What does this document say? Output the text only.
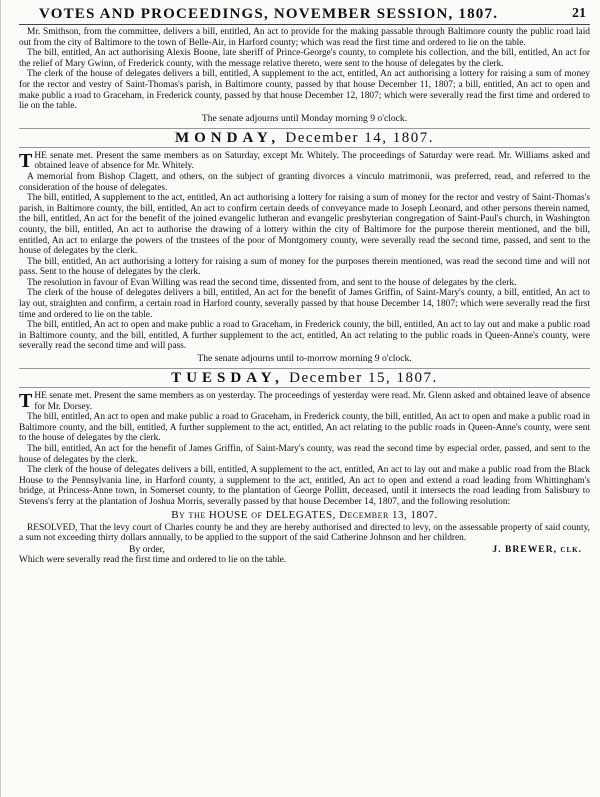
VOTES AND PROCEEDINGS, NOVEMBER SESSION, 1807.	21

Mr. Smithson, from the committee, delivers a bill, entitled, An act to provide for the making passable through Baltimore county the public road laid out from the city of Baltimore to the town of Belle-Air, in Harford county; which was read the first time and ordered to lie on the table.

The bill, entitled, An act authorising Alexis Boone, late sheriff of Prince-George's county, to complete his collection, and the bill, entitled, An act for the relief of Mary Gwinn, of Frederick county, with the message relative thereto, were sent to the house of delegates by the clerk.

The clerk of the house of delegates delivers a bill, entitled, A supplement to the act, entitled, An act authorising a lottery for raising a sum of money for the rector and vestry of Saint-Thomas's parish, in Baltimore county, passed by that house December 11, 1807; a bill, entitled, An act to open and make public a road to Graceham, in Frederick county, passed by that house December 12, 1807; which were severally read the first time and ordered to lie on the table.

The senate adjourns until Monday morning 9 o'clock.
MONDAY, December 14, 1807.

THE senate met. Present the same members as on Saturday, except Mr. Whitely. The proceedings of Saturday were read. Mr. Williams asked and obtained leave of absence for Mr. Whitely.

A memorial from Bishop Clagett, and others, on the subject of granting divorces a vinculo matrimonii, was preferred, read, and referred to the consideration of the house of delegates.

The bill, entitled, A supplement to the act, entitled, An act authorising a lottery for raising a sum of money for the rector and vestry of Saint-Thomas's parish, in Baltimore county, the bill, entitled, An act to confirm certain deeds of conveyance made to Joseph Leonard, and other persons therein named, the bill, entitled, An act for the benefit of the joined evangelic lutheran and evangelic presbyterian congregation of Saint-Paul's church, in Washington county, the bill, entitled, An act to authorise the drawing of a lottery within the city of Baltimore for the purpose therein mentioned, and the bill, entitled, An act to enlarge the powers of the trustees of the poor of Montgomery county, were severally read the second time, passed, and sent to the house of delegates by the clerk.

The bill, entitled, An act authorising a lottery for raising a sum of money for the purposes therein mentioned, was read the second time and will not pass. Sent to the house of delegates by the clerk.

The resolution in favour of Evan Willing was read the second time, dissented from, and sent to the house of delegates by the clerk.

The clerk of the house of delegates delivers a bill, entitled, An act for the benefit of James Griffin, of Saint-Mary's county, a bill, entitled, An act to lay out, straighten and confirm, a certain road in Harford county, severally passed by that house December 14, 1807; which were severally read the first time and ordered to lie on the table.

The bill, entitled, An act to open and make public a road to Graceham, in Frederick county, the bill, entitled, An act to lay out and make a public road in Baltimore county, and the bill, entitled, A further supplement to the act, entitled, An act relating to the public roads in Queen-Anne's county, were severally read the second time and will pass.

The senate adjourns until to-morrow morning 9 o'clock.
TUESDAY, December 15, 1807.

THE senate met. Present the same members as on yesterday. The proceedings of yesterday were read. Mr. Glenn asked and obtained leave of absence for Mr. Dorsey.

The bill, entitled, An act to open and make public a road to Graceham, in Frederick county, the bill, entitled, An act to open and make a public road in Baltimore county, and the bill, entitled, A further supplement to the act, entitled, An act relating to the public roads in Queen-Anne's county, were sent to the house of delegates by the clerk.

The bill, entitled, An act for the benefit of James Griffin, of Saint-Mary's county, was read the second time by especial order, passed, and sent to the house of delegates by the clerk.

The clerk of the house of delegates delivers a bill, entitled, A supplement to the act, entitled, An act to lay out and make a public road from the Black House to the Pennsylvania line, in Harford county, a supplement to the act, entitled, An act to open and extend a road leading from Whittingham's bridge, at Princess-Anne town, in Somerset county, to the plantation of George Pollitt, deceased, until it intersects the road leading from Salisbury to Stevens's ferry at the plantation of Joshua Morris, severally passed by that house December 14, 1807, and the following resolution:

By the HOUSE of DELEGATES, December 13, 1807.

RESOLVED, That the levy court of Charles county be and they are hereby authorised and directed to levy, on the assessable property of said county, a sum not exceeding thirty dollars annually, to be applied to the support of the said Catherine Johnson and her children.

By order,	J. BREWER, clk.
Which were severally read the first time and ordered to lie on the table.
